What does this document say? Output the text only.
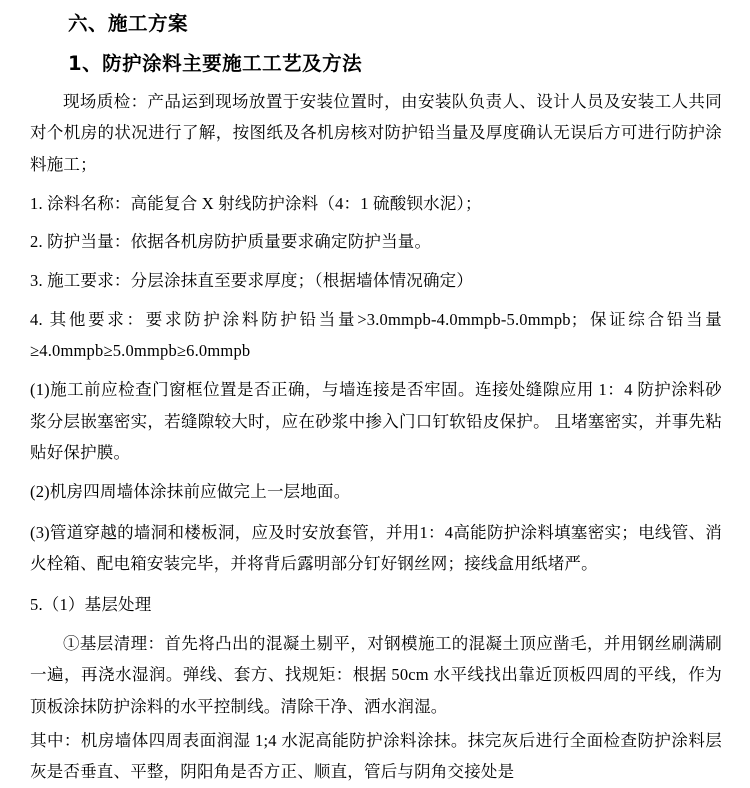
六、施工方案
1、防护涂料主要施工工艺及方法

现场质检：产品运到现场放置于安装位置时，由安装队负责人、设计人员及安装工人共同对个机房的状况进行了解，按图纸及各机房核对防护铅当量及厚度确认无误后方可进行防护涂料施工；

1. 涂料名称：高能复合 X 射线防护涂料（4：1 硫酸钡水泥）；

2. 防护当量：依据各机房防护质量要求确定防护当量。

3. 施工要求：分层涂抹直至要求厚度；（根据墙体情况确定）

4. 其他要求：要求防护涂料防护铅当量>3.0mmpb-4.0mmpb-5.0mmpb；保证综合铅当量≥4.0mmpb≥5.0mmpb≥6.0mmpb

(1)施工前应检查门窗框位置是否正确，与墙连接是否牢固。连接处缝隙应用 1：4 防护涂料砂浆分层嵌塞密实，若缝隙较大时，应在砂浆中掺入门口钉软铅皮保护。 且堵塞密实，并事先粘贴好保护膜。

(2)机房四周墙体涂抹前应做完上一层地面。

(3)管道穿越的墙洞和楼板洞，应及时安放套管，并用1：4高能防护涂料填塞密实；电线管、消火栓箱、配电箱安装完毕，并将背后露明部分钉好钢丝网；接线盒用纸堵严。

5.（1）基层处理

①基层清理：首先将凸出的混凝土剔平，对钢模施工的混凝土顶应凿毛，并用钢丝刷满刷一遍，再浇水湿润。弹线、套方、找规矩：根据 50cm 水平线找出靠近顶板四周的平线，作为顶板涂抹防护涂料的水平控制线。清除干净、洒水润湿。

其中：机房墙体四周表面润湿 1;4 水泥高能防护涂料涂抹。抹完灰后进行全面检查防护涂料层灰是否垂直、平整，阴阳角是否方正、顺直，管后与阴角交接处是
